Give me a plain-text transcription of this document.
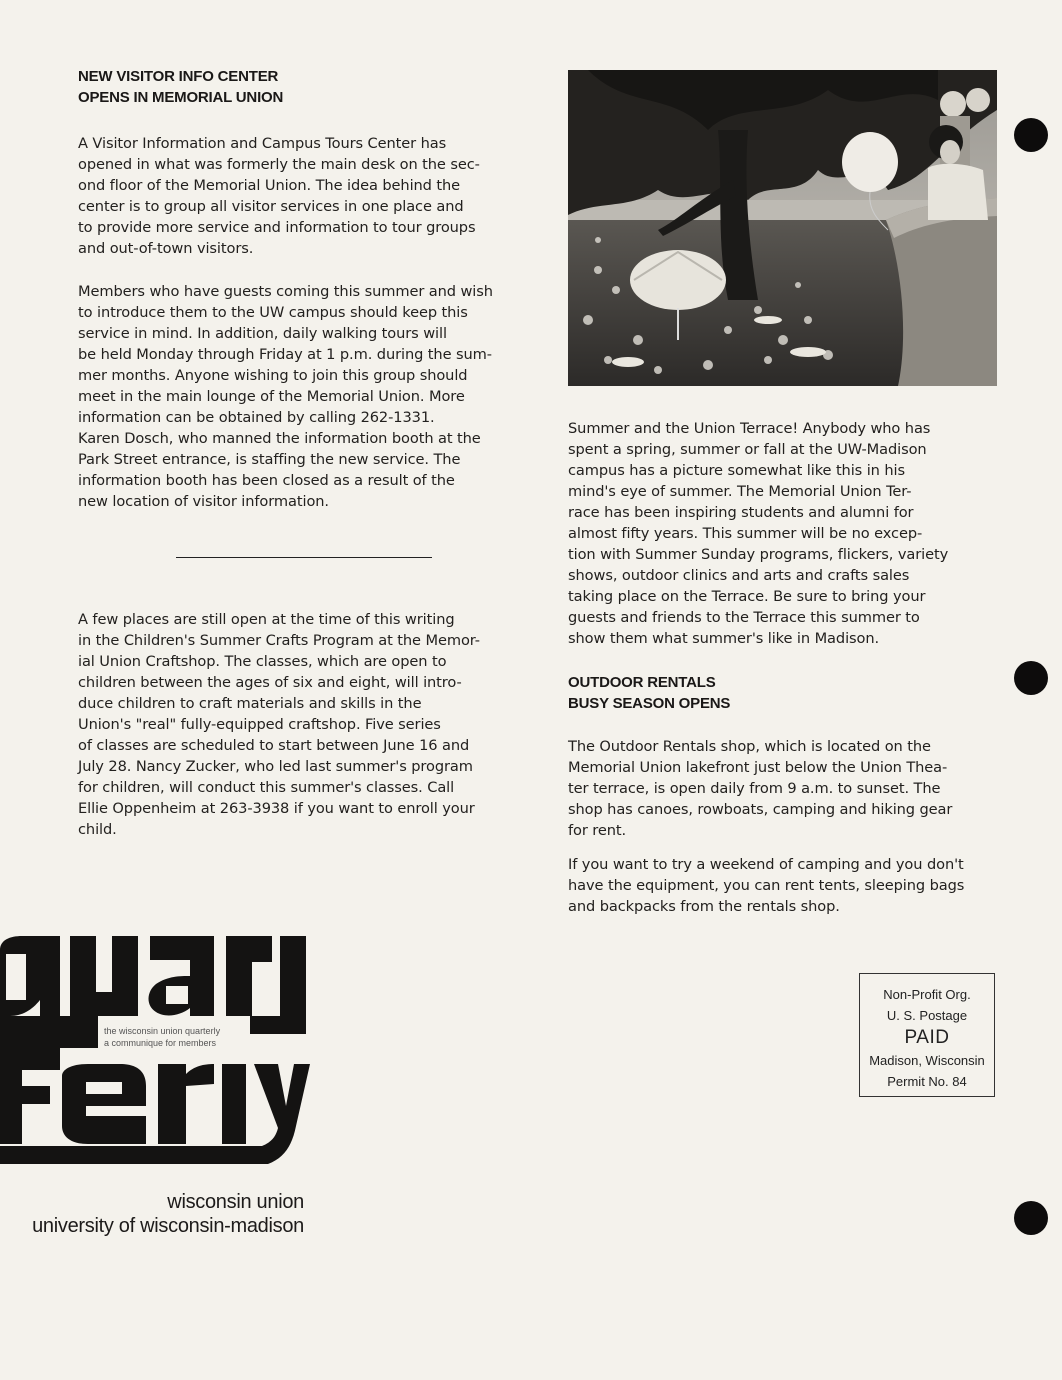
NEW VISITOR INFO CENTER
OPENS IN MEMORIAL UNION
A Visitor Information and Campus Tours Center has
opened in what was formerly the main desk on the sec-
ond floor of the Memorial Union. The idea behind the
center is to group all visitor services in one place and
to provide more service and information to tour groups
and out-of-town visitors.
Members who have guests coming this summer and wish
to introduce them to the UW campus should keep this
service in mind. In addition, daily walking tours will
be held Monday through Friday at 1 p.m. during the sum-
mer months. Anyone wishing to join this group should
meet in the main lounge of the Memorial Union. More
information can be obtained by calling 262-1331.
Karen Dosch, who manned the information booth at the
Park Street entrance, is staffing the new service. The
information booth has been closed as a result of the
new location of visitor information.
A few places are still open at the time of this writing
in the Children's Summer Crafts Program at the Memor-
ial Union Craftshop. The classes, which are open to
children between the ages of six and eight, will intro-
duce children to craft materials and skills in the
Union's "real" fully-equipped craftshop. Five series
of classes are scheduled to start between June 16 and
July 28. Nancy Zucker, who led last summer's program
for children, will conduct this summer's classes. Call
Ellie Oppenheim at 263-3938 if you want to enroll your
child.
Summer and the Union Terrace! Anybody who has
spent a spring, summer or fall at the UW-Madison
campus has a picture somewhat like this in his
mind's eye of summer. The Memorial Union Ter-
race has been inspiring students and alumni for
almost fifty years. This summer will be no excep-
tion with Summer Sunday programs, flickers, variety
shows, outdoor clinics and arts and crafts sales
taking place on the Terrace. Be sure to bring your
guests and friends to the Terrace this summer to
show them what summer's like in Madison.
OUTDOOR RENTALS
BUSY SEASON OPENS
The Outdoor Rentals shop, which is located on the
Memorial Union lakefront just below the Union Thea-
ter terrace, is open daily from 9 a.m. to sunset. The
shop has canoes, rowboats, camping and hiking gear
for rent.
If you want to try a weekend of camping and you don't
have the equipment, you can rent tents, sleeping bags
and backpacks from the rentals shop.
the wisconsin union quarterly
a communique for members
wisconsin union
university of wisconsin-madison
Non-Profit Org.
U. S. Postage
PAID
Madison, Wisconsin
Permit No. 84
